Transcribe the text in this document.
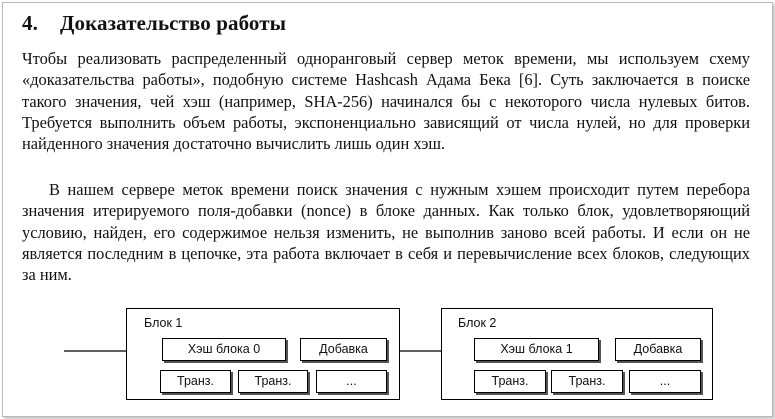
4. Доказательство работы

Чтобы реализовать распределенный одноранговый сервер меток времени, мы используем схему «доказательства работы», подобную системе Hashcash Адама Бека [6]. Суть заключается в поиске такого значения, чей хэш (например, SHA-256) начинался бы с некоторого числа нулевых битов. Требуется выполнить объем работы, экспоненциально зависящий от числа нулей, но для проверки найденного значения достаточно вычислить лишь один хэш.

В нашем сервере меток времени поиск значения с нужным хэшем происходит путем перебора значения итерируемого поля-добавки (nonce) в блоке данных. Как только блок, удовлетворяющий условию, найден, его содержимое нельзя изменить, не выполнив заново всей работы. И если он не является последним в цепочке, эта работа включает в себя и перевычисление всех блоков, следующих за ним.

Блок 1
Хэш блока 0	Добавка
Транз.	Транз.	...
Блок 2
Хэш блока 1	Добавка
Транз.	Транз.	...
